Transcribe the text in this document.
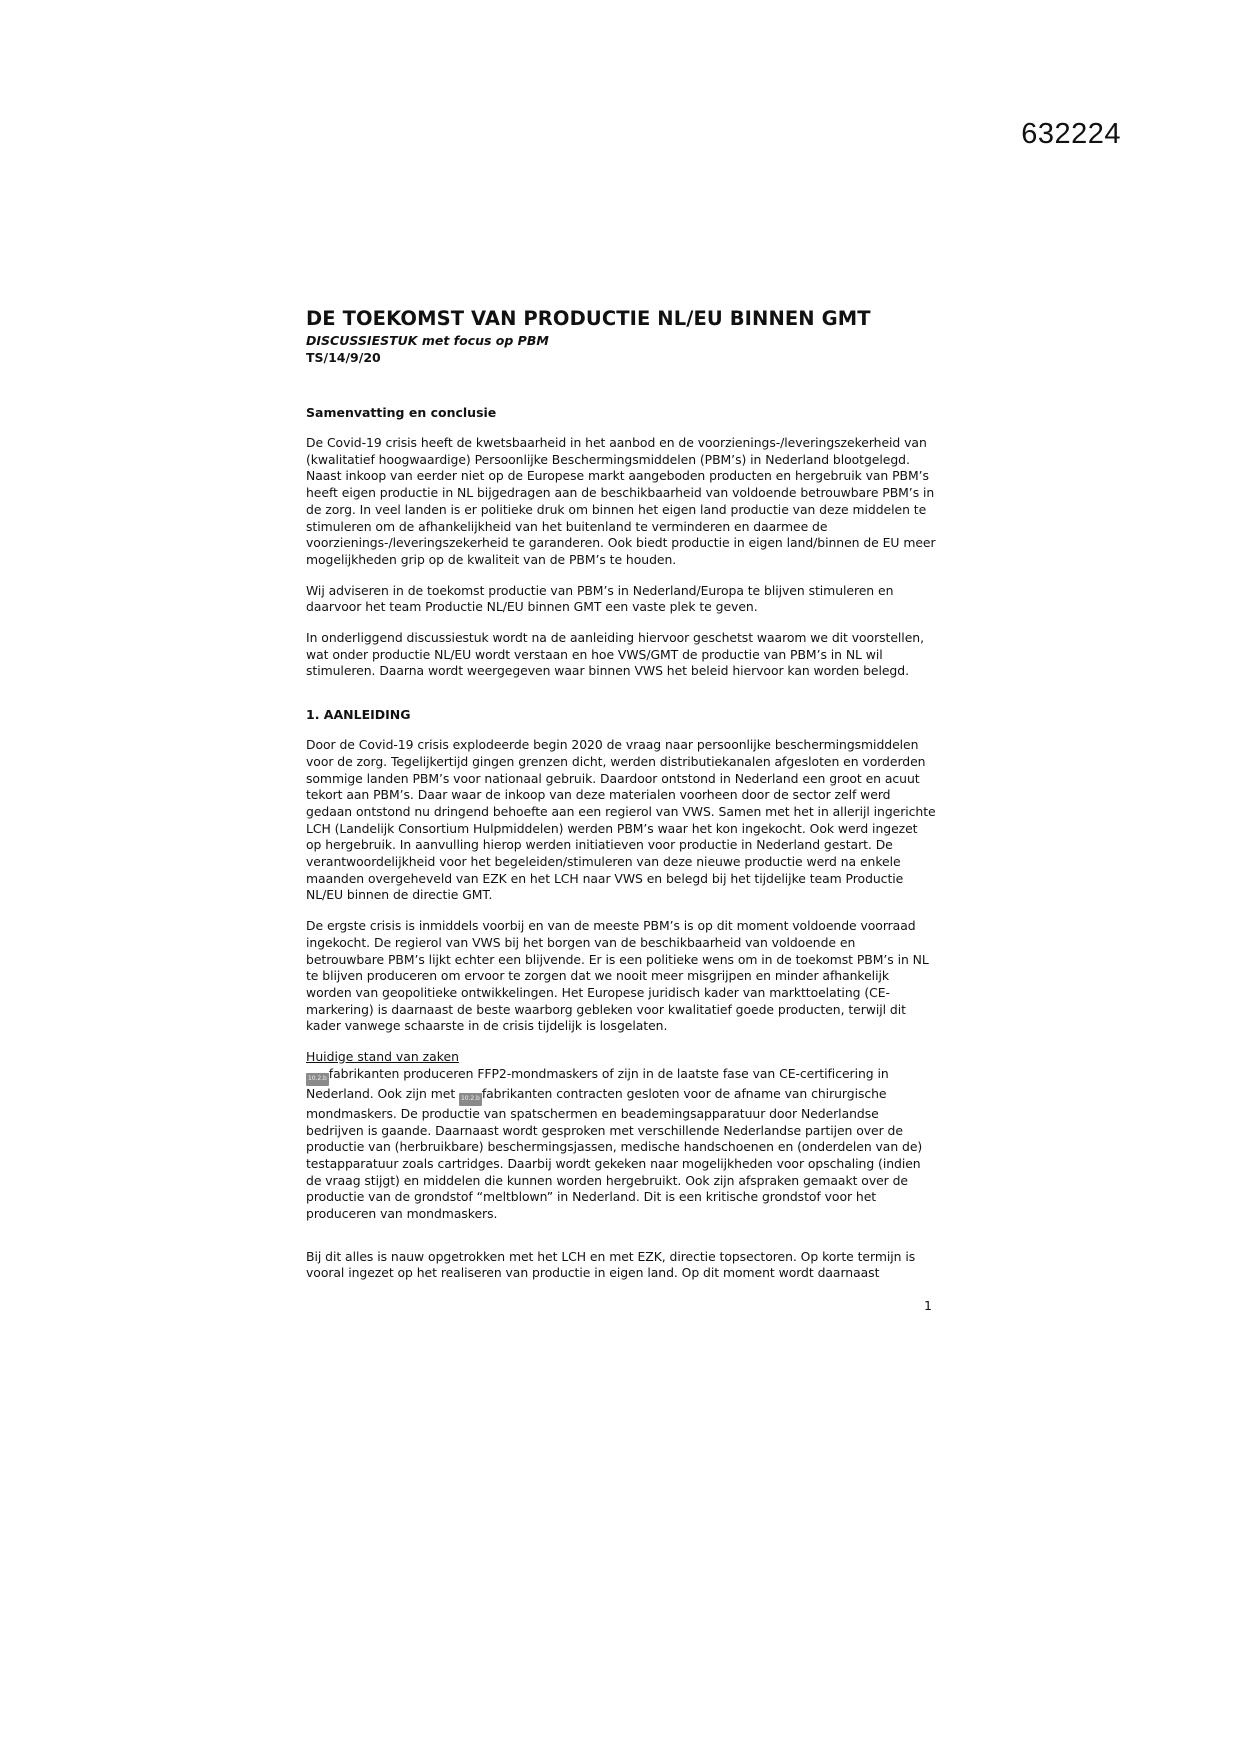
632224
DE TOEKOMST VAN PRODUCTIE NL/EU BINNEN GMT

DISCUSSIESTUK met focus op PBM

TS/14/9/20

Samenvatting en conclusie

De Covid-19 crisis heeft de kwetsbaarheid in het aanbod en de voorzienings-/leveringszekerheid van (kwalitatief hoogwaardige) Persoonlijke Beschermingsmiddelen (PBM’s) in Nederland blootgelegd. Naast inkoop van eerder niet op de Europese markt aangeboden producten en hergebruik van PBM’s heeft eigen productie in NL bijgedragen aan de beschikbaarheid van voldoende betrouwbare PBM’s in de zorg. In veel landen is er politieke druk om binnen het eigen land productie van deze middelen te stimuleren om de afhankelijkheid van het buitenland te verminderen en daarmee de voorzienings-/leveringszekerheid te garanderen. Ook biedt productie in eigen land/binnen de EU meer mogelijkheden grip op de kwaliteit van de PBM’s te houden.

Wij adviseren in de toekomst productie van PBM’s in Nederland/Europa te blijven stimuleren en daarvoor het team Productie NL/EU binnen GMT een vaste plek te geven.

In onderliggend discussiestuk wordt na de aanleiding hiervoor geschetst waarom we dit voorstellen, wat onder productie NL/EU wordt verstaan en hoe VWS/GMT de productie van PBM’s in NL wil stimuleren. Daarna wordt weergegeven waar binnen VWS het beleid hiervoor kan worden belegd.

1. AANLEIDING

Door de Covid-19 crisis explodeerde begin 2020 de vraag naar persoonlijke beschermingsmiddelen voor de zorg. Tegelijkertijd gingen grenzen dicht, werden distributiekanalen afgesloten en vorderden sommige landen PBM’s voor nationaal gebruik. Daardoor ontstond in Nederland een groot en acuut tekort aan PBM’s. Daar waar de inkoop van deze materialen voorheen door de sector zelf werd gedaan ontstond nu dringend behoefte aan een regierol van VWS. Samen met het in allerijl ingerichte LCH (Landelijk Consortium Hulpmiddelen) werden PBM’s waar het kon ingekocht. Ook werd ingezet op hergebruik. In aanvulling hierop werden initiatieven voor productie in Nederland gestart. De verantwoordelijkheid voor het begeleiden/stimuleren van deze nieuwe productie werd na enkele maanden overgeheveld van EZK en het LCH naar VWS en belegd bij het tijdelijke team Productie NL/EU binnen de directie GMT.

De ergste crisis is inmiddels voorbij en van de meeste PBM’s is op dit moment voldoende voorraad ingekocht. De regierol van VWS bij het borgen van de beschikbaarheid van voldoende en betrouwbare PBM’s lijkt echter een blijvende. Er is een politieke wens om in de toekomst PBM’s in NL te blijven produceren om ervoor te zorgen dat we nooit meer misgrijpen en minder afhankelijk worden van geopolitieke ontwikkelingen. Het Europese juridisch kader van markttoelating (CE-markering) is daarnaast de beste waarborg gebleken voor kwalitatief goede producten, terwijl dit kader vanwege schaarste in de crisis tijdelijk is losgelaten.

Huidige stand van zaken

10.2.b fabrikanten produceren FFP2-mondmaskers of zijn in de laatste fase van CE-certificering in Nederland. Ook zijn met 10.2.b fabrikanten contracten gesloten voor de afname van chirurgische mondmaskers. De productie van spatschermen en beademingsapparatuur door Nederlandse bedrijven is gaande. Daarnaast wordt gesproken met verschillende Nederlandse partijen over de productie van (herbruikbare) beschermingsjassen, medische handschoenen en (onderdelen van de) testapparatuur zoals cartridges. Daarbij wordt gekeken naar mogelijkheden voor opschaling (indien de vraag stijgt) en middelen die kunnen worden hergebruikt. Ook zijn afspraken gemaakt over de productie van de grondstof “meltblown” in Nederland. Dit is een kritische grondstof voor het produceren van mondmaskers.

Bij dit alles is nauw opgetrokken met het LCH en met EZK, directie topsectoren. Op korte termijn is vooral ingezet op het realiseren van productie in eigen land. Op dit moment wordt daarnaast

1
